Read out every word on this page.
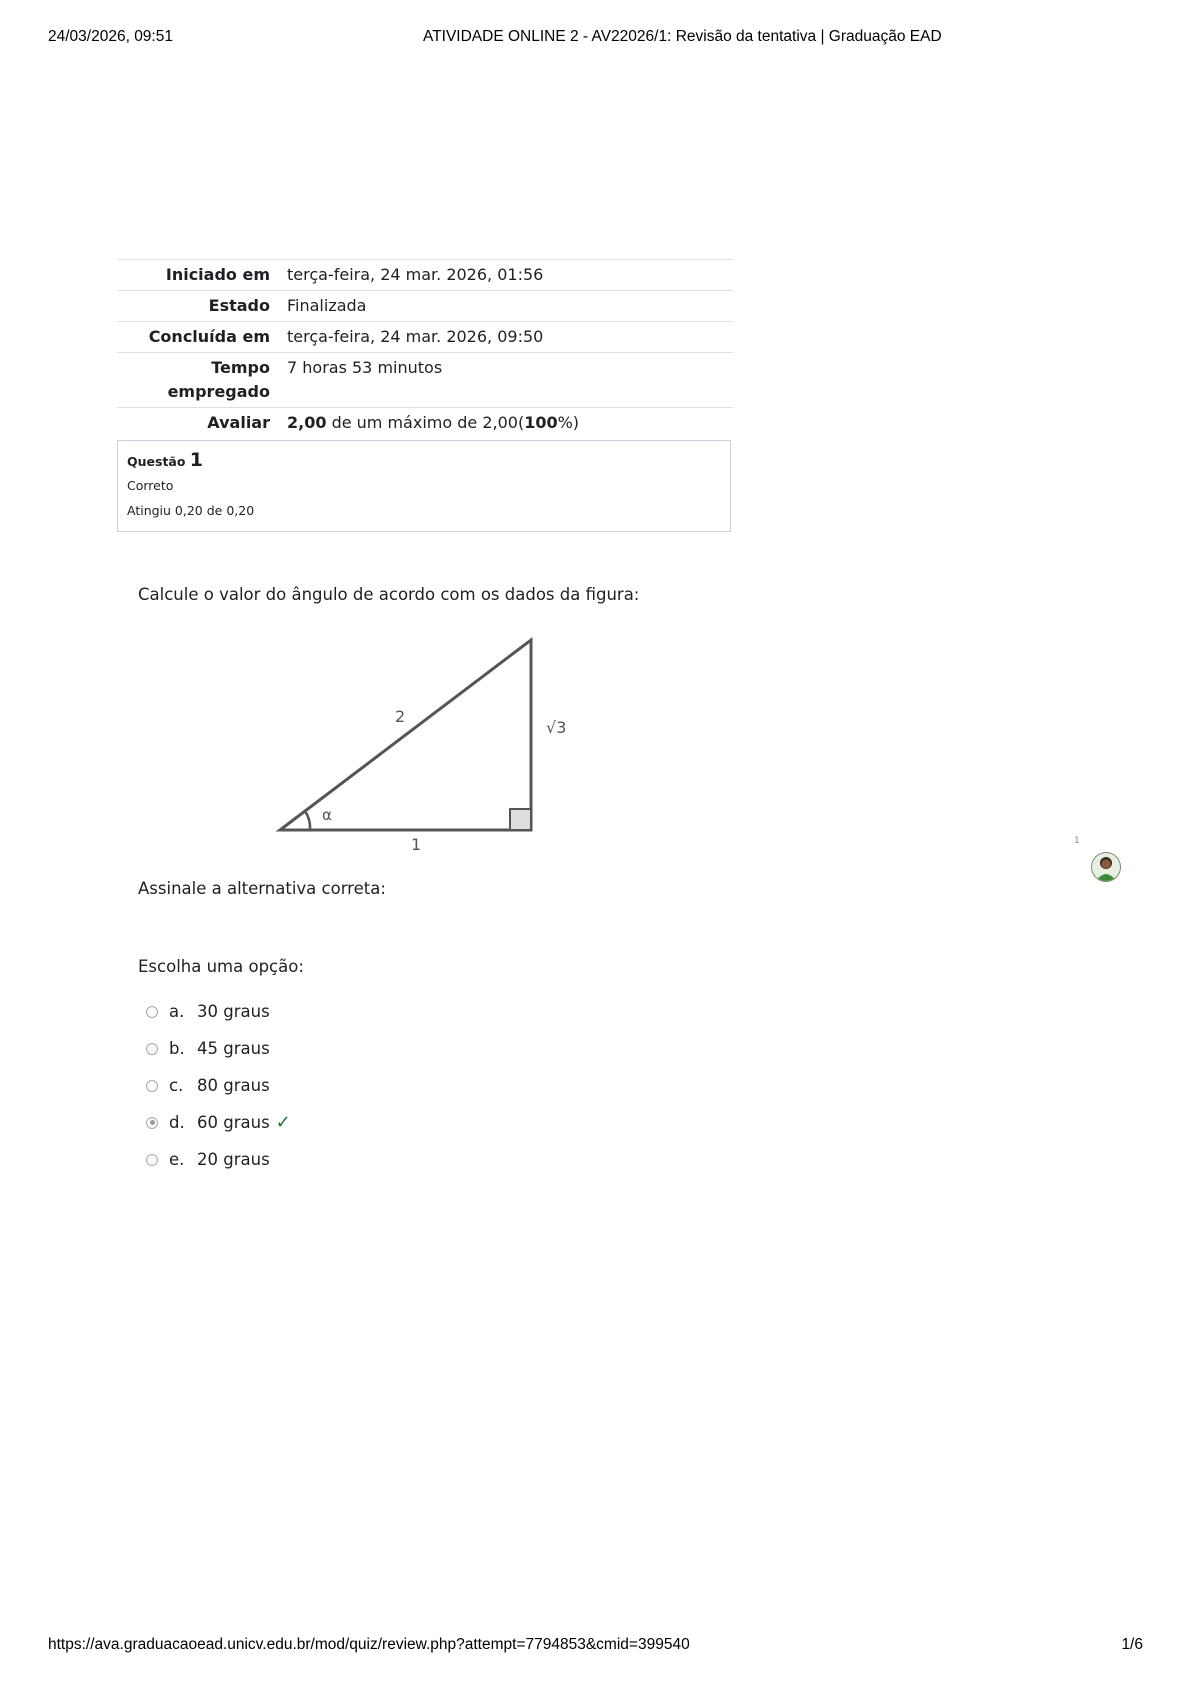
24/03/2026, 09:51	ATIVIDADE ONLINE 2 - AV22026/1: Revisão da tentativa | Graduação EAD
Iniciado em	terça-feira, 24 mar. 2026, 01:56
Estado	Finalizada
Concluída em	terça-feira, 24 mar. 2026, 09:50
Tempo
empregado	7 horas 53 minutos
Avaliar	2,00 de um máximo de 2,00(100%)
Questão 1
Correto
Atingiu 0,20 de 0,20
Calcule o valor do ângulo de acordo com os dados da figura:
α
2
√3
1
Assinale a alternativa correta:
Escolha uma opção:
a. 30 graus
b. 45 graus
c. 80 graus
d. 60 graus ✓
e. 20 graus
1
https://ava.graduacaoead.unicv.edu.br/mod/quiz/review.php?attempt=7794853&cmid=399540	1/6
